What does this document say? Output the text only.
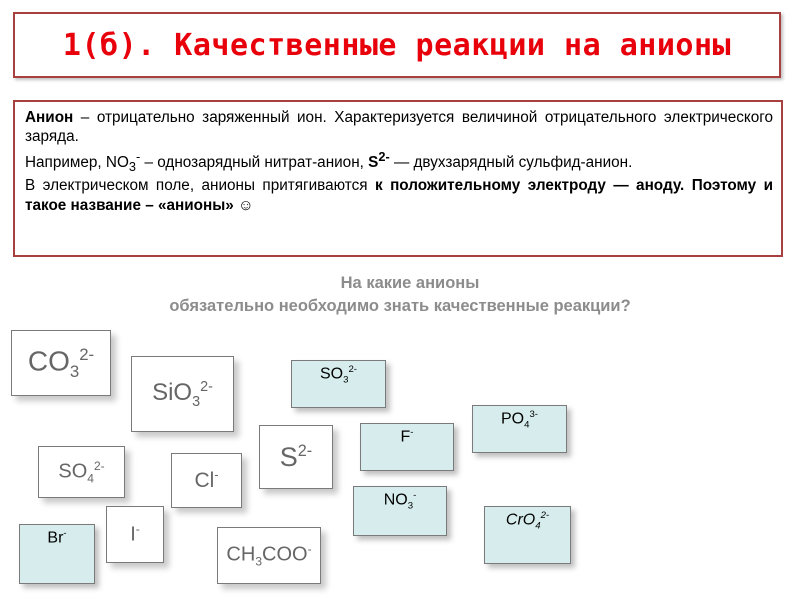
1(б). Качественные реакции на анионы

Анион – отрицательно заряженный ион. Характеризуется величиной отрицательного электрического заряда.

Например, $NO_3^-$ – однозарядный нитрат-анион, $S^{2-}$ — двухзарядный сульфид-анион.

В электрическом поле, анионы притягиваются к положительному электроду — аноду. Поэтому и такое название – «анионы» ☺

На какие анионы
обязательно необходимо знать качественные реакции?
$CO_3^{2-}$
SiO$_3^{2-}$
$SO_3^{2-}$
$PO_4^{3-}$
F-
$S^{2-}$
$SO_4^{2-}$
Cl-
$NO_3^-$
CrO$_4^{2-}$
Br-	I-
$CH_3COO^-$
